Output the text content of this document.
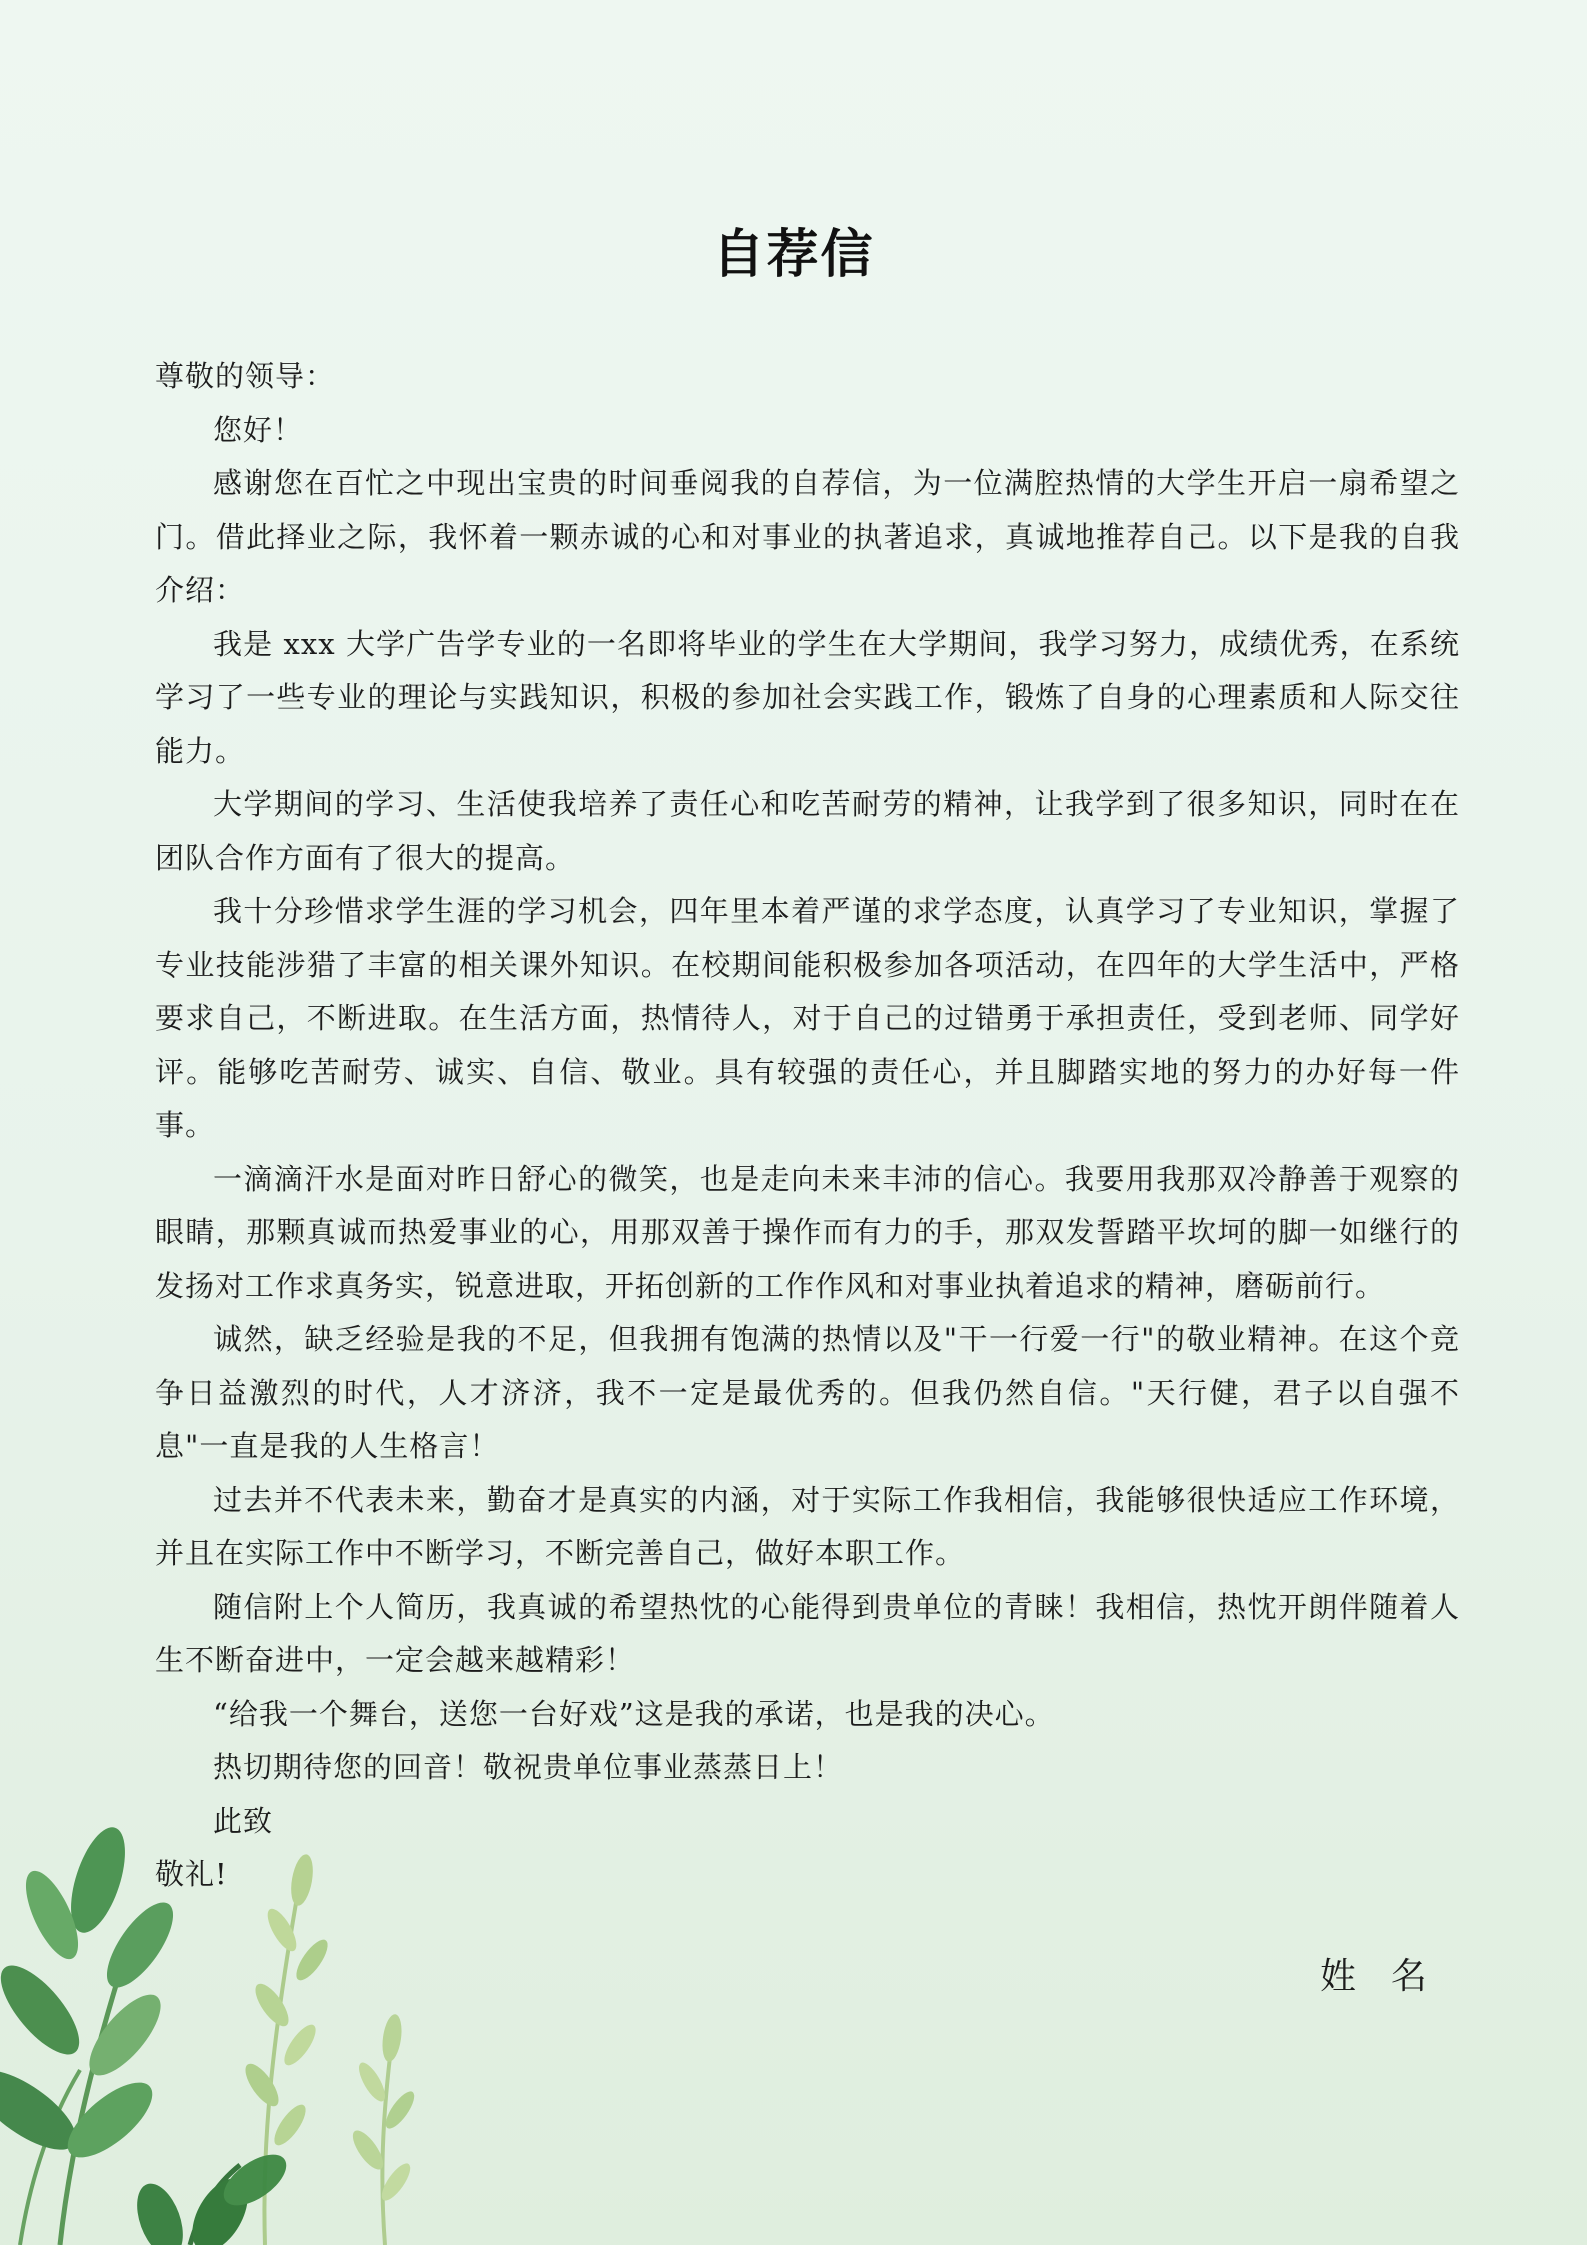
自荐信

尊敬的领导：

您好！

感谢您在百忙之中现出宝贵的时间垂阅我的自荐信，为一位满腔热情的大学生开启一扇希望之门。借此择业之际，我怀着一颗赤诚的心和对事业的执著追求，真诚地推荐自己。以下是我的自我介绍：

我是 xxx 大学广告学专业的一名即将毕业的学生在大学期间，我学习努力，成绩优秀，在系统学习了一些专业的理论与实践知识，积极的参加社会实践工作，锻炼了自身的心理素质和人际交往能力。

大学期间的学习、生活使我培养了责任心和吃苦耐劳的精神，让我学到了很多知识，同时在在团队合作方面有了很大的提高。

我十分珍惜求学生涯的学习机会，四年里本着严谨的求学态度，认真学习了专业知识，掌握了专业技能涉猎了丰富的相关课外知识。在校期间能积极参加各项活动，在四年的大学生活中，严格要求自己，不断进取。在生活方面，热情待人，对于自己的过错勇于承担责任，受到老师、同学好评。能够吃苦耐劳、诚实、自信、敬业。具有较强的责任心，并且脚踏实地的努力的办好每一件事。

一滴滴汗水是面对昨日舒心的微笑，也是走向未来丰沛的信心。我要用我那双冷静善于观察的眼睛，那颗真诚而热爱事业的心，用那双善于操作而有力的手，那双发誓踏平坎坷的脚一如继行的发扬对工作求真务实，锐意进取，开拓创新的工作作风和对事业执着追求的精神，磨砺前行。

诚然，缺乏经验是我的不足，但我拥有饱满的热情以及"干一行爱一行"的敬业精神。在这个竞争日益激烈的时代，人才济济，我不一定是最优秀的。但我仍然自信。"天行健，君子以自强不息"一直是我的人生格言！

过去并不代表未来，勤奋才是真实的内涵，对于实际工作我相信，我能够很快适应工作环境，并且在实际工作中不断学习，不断完善自己，做好本职工作。

随信附上个人简历，我真诚的希望热忱的心能得到贵单位的青睐！我相信，热忱开朗伴随着人生不断奋进中，一定会越来越精彩！

“给我一个舞台，送您一台好戏”这是我的承诺，也是我的决心。

热切期待您的回音！敬祝贵单位事业蒸蒸日上！

此致

敬礼!

姓  名
